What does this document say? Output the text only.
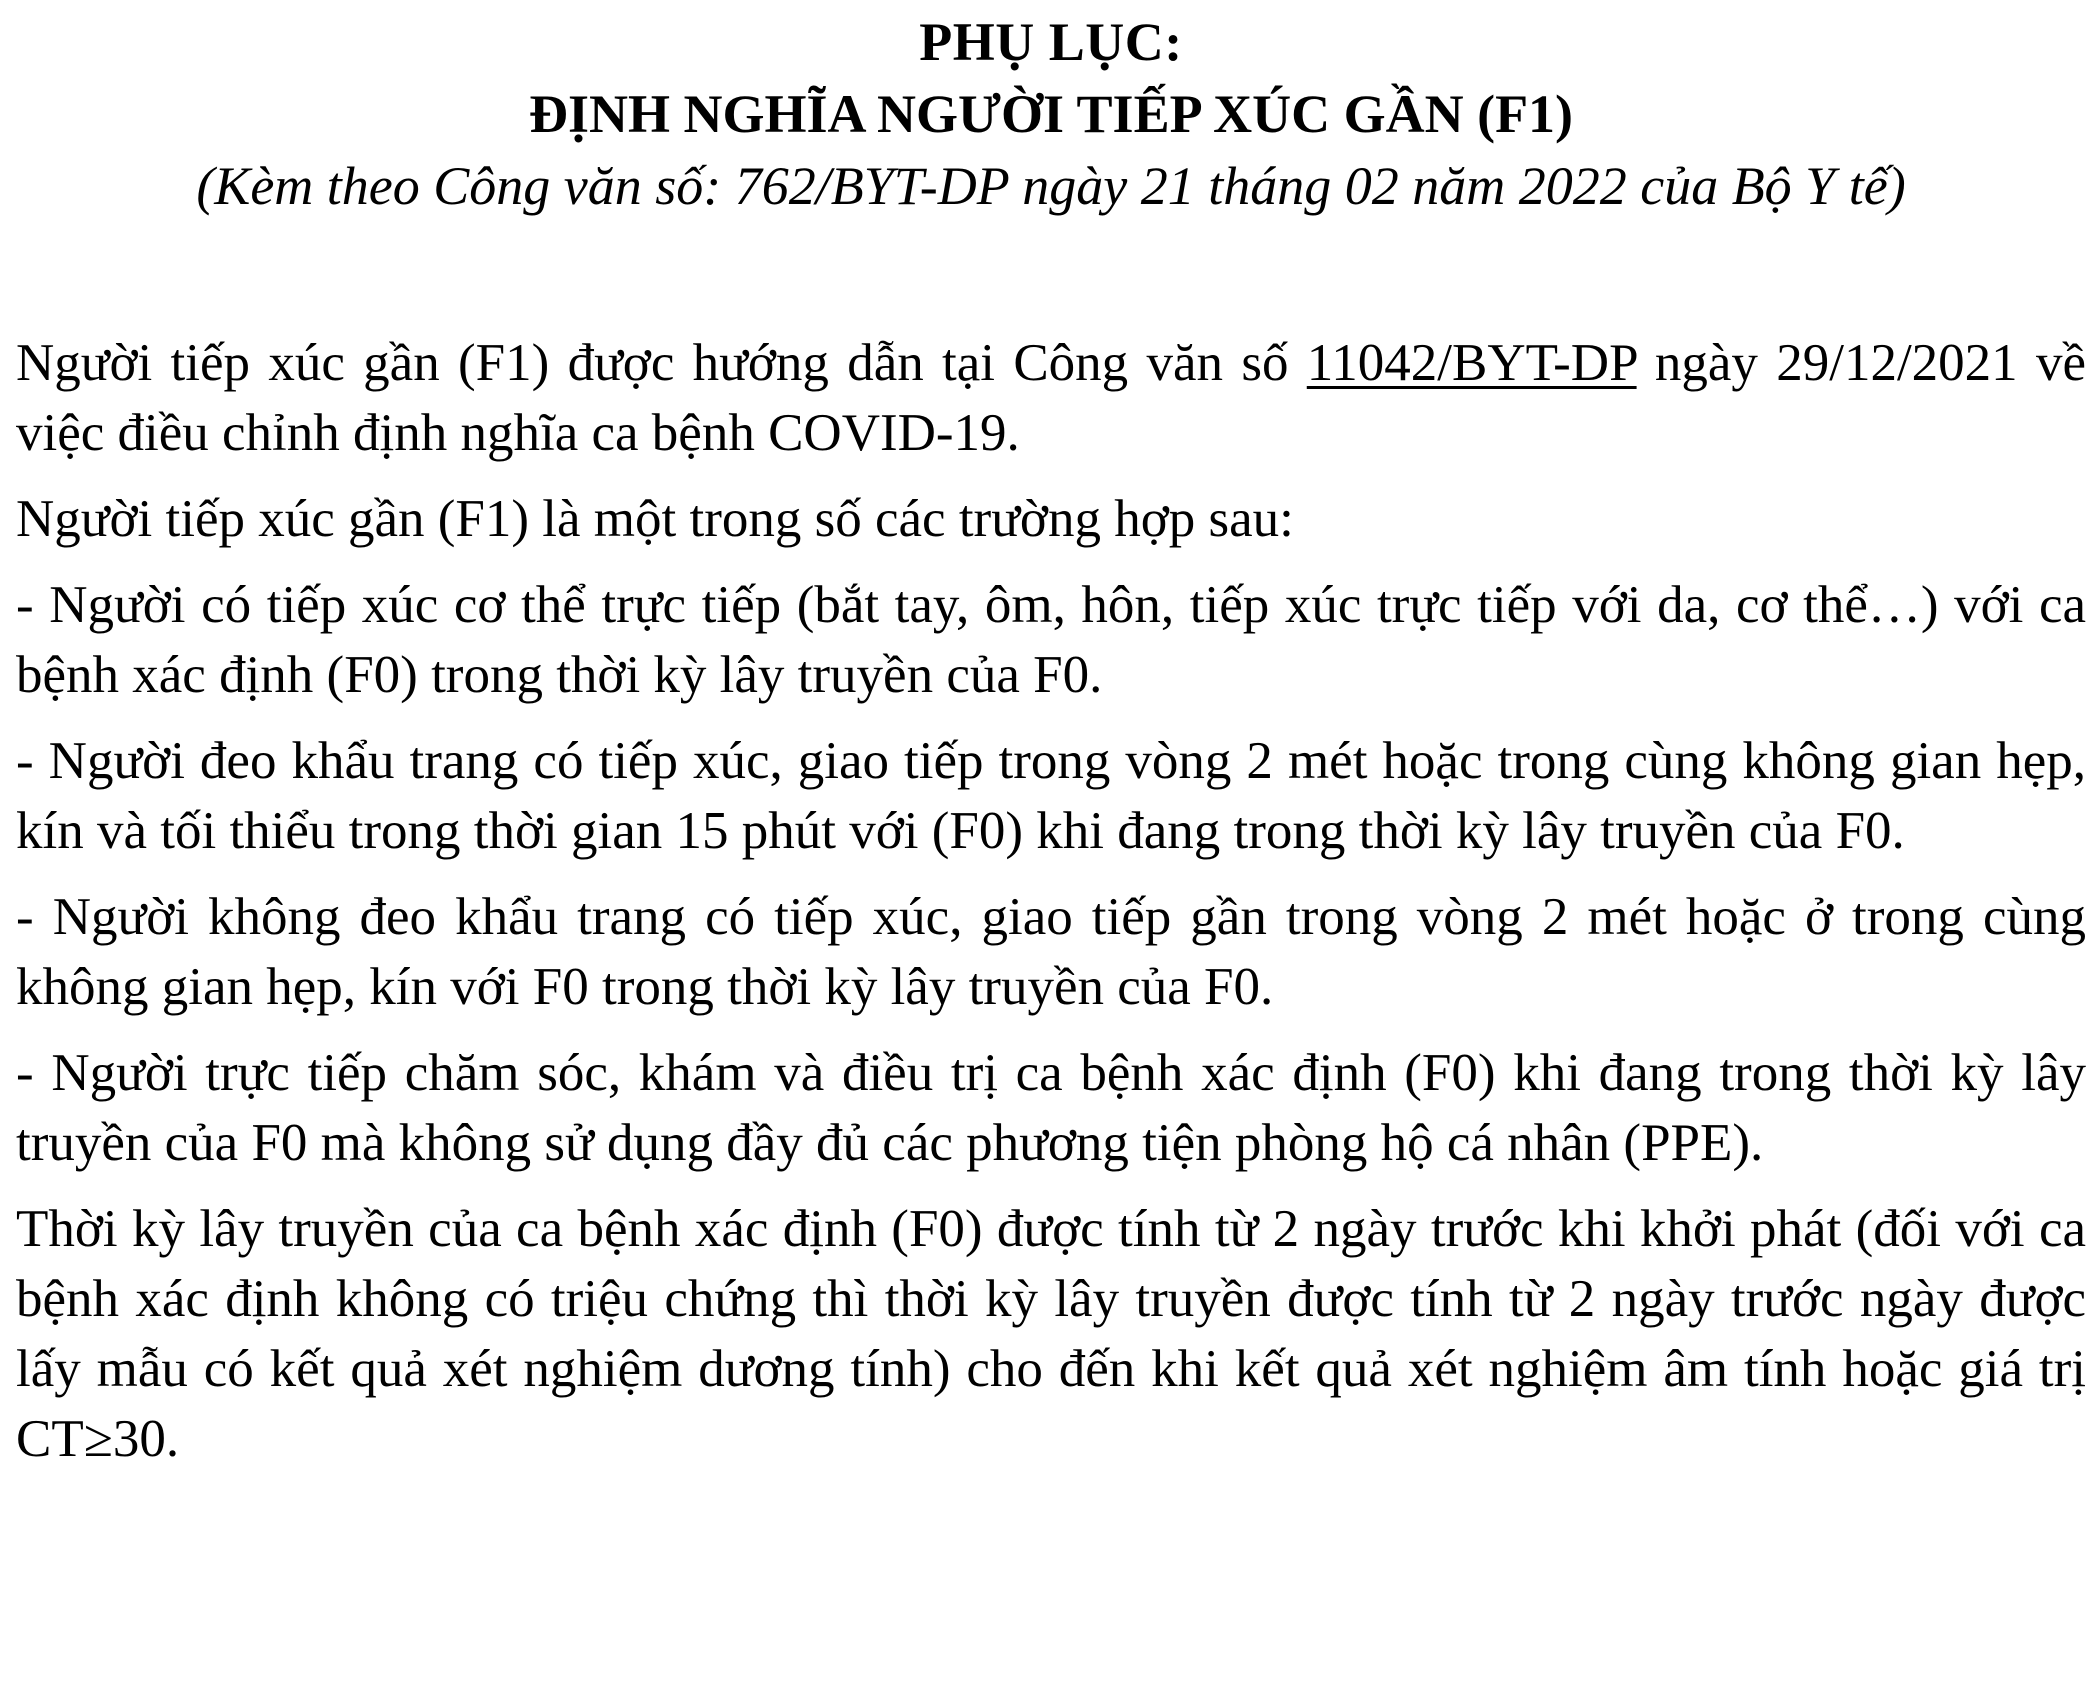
PHỤ LỤC:
ĐỊNH NGHĨA NGƯỜI TIẾP XÚC GẦN (F1)

(Kèm theo Công văn số: 762/BYT-DP ngày 21 tháng 02 năm 2022 của Bộ Y tế)

Người tiếp xúc gần (F1) được hướng dẫn tại Công văn số 11042/BYT-DP ngày 29/12/2021 về việc điều chỉnh định nghĩa ca bệnh COVID-19.

Người tiếp xúc gần (F1) là một trong số các trường hợp sau:

- Người có tiếp xúc cơ thể trực tiếp (bắt tay, ôm, hôn, tiếp xúc trực tiếp với da, cơ thể…) với ca bệnh xác định (F0) trong thời kỳ lây truyền của F0.

- Người đeo khẩu trang có tiếp xúc, giao tiếp trong vòng 2 mét hoặc trong cùng không gian hẹp, kín và tối thiểu trong thời gian 15 phút với (F0) khi đang trong thời kỳ lây truyền của F0.

- Người không đeo khẩu trang có tiếp xúc, giao tiếp gần trong vòng 2 mét hoặc ở trong cùng không gian hẹp, kín với F0 trong thời kỳ lây truyền của F0.

- Người trực tiếp chăm sóc, khám và điều trị ca bệnh xác định (F0) khi đang trong thời kỳ lây truyền của F0 mà không sử dụng đầy đủ các phương tiện phòng hộ cá nhân (PPE).

Thời kỳ lây truyền của ca bệnh xác định (F0) được tính từ 2 ngày trước khi khởi phát (đối với ca bệnh xác định không có triệu chứng thì thời kỳ lây truyền được tính từ 2 ngày trước ngày được lấy mẫu có kết quả xét nghiệm dương tính) cho đến khi kết quả xét nghiệm âm tính hoặc giá trị CT≥30.
